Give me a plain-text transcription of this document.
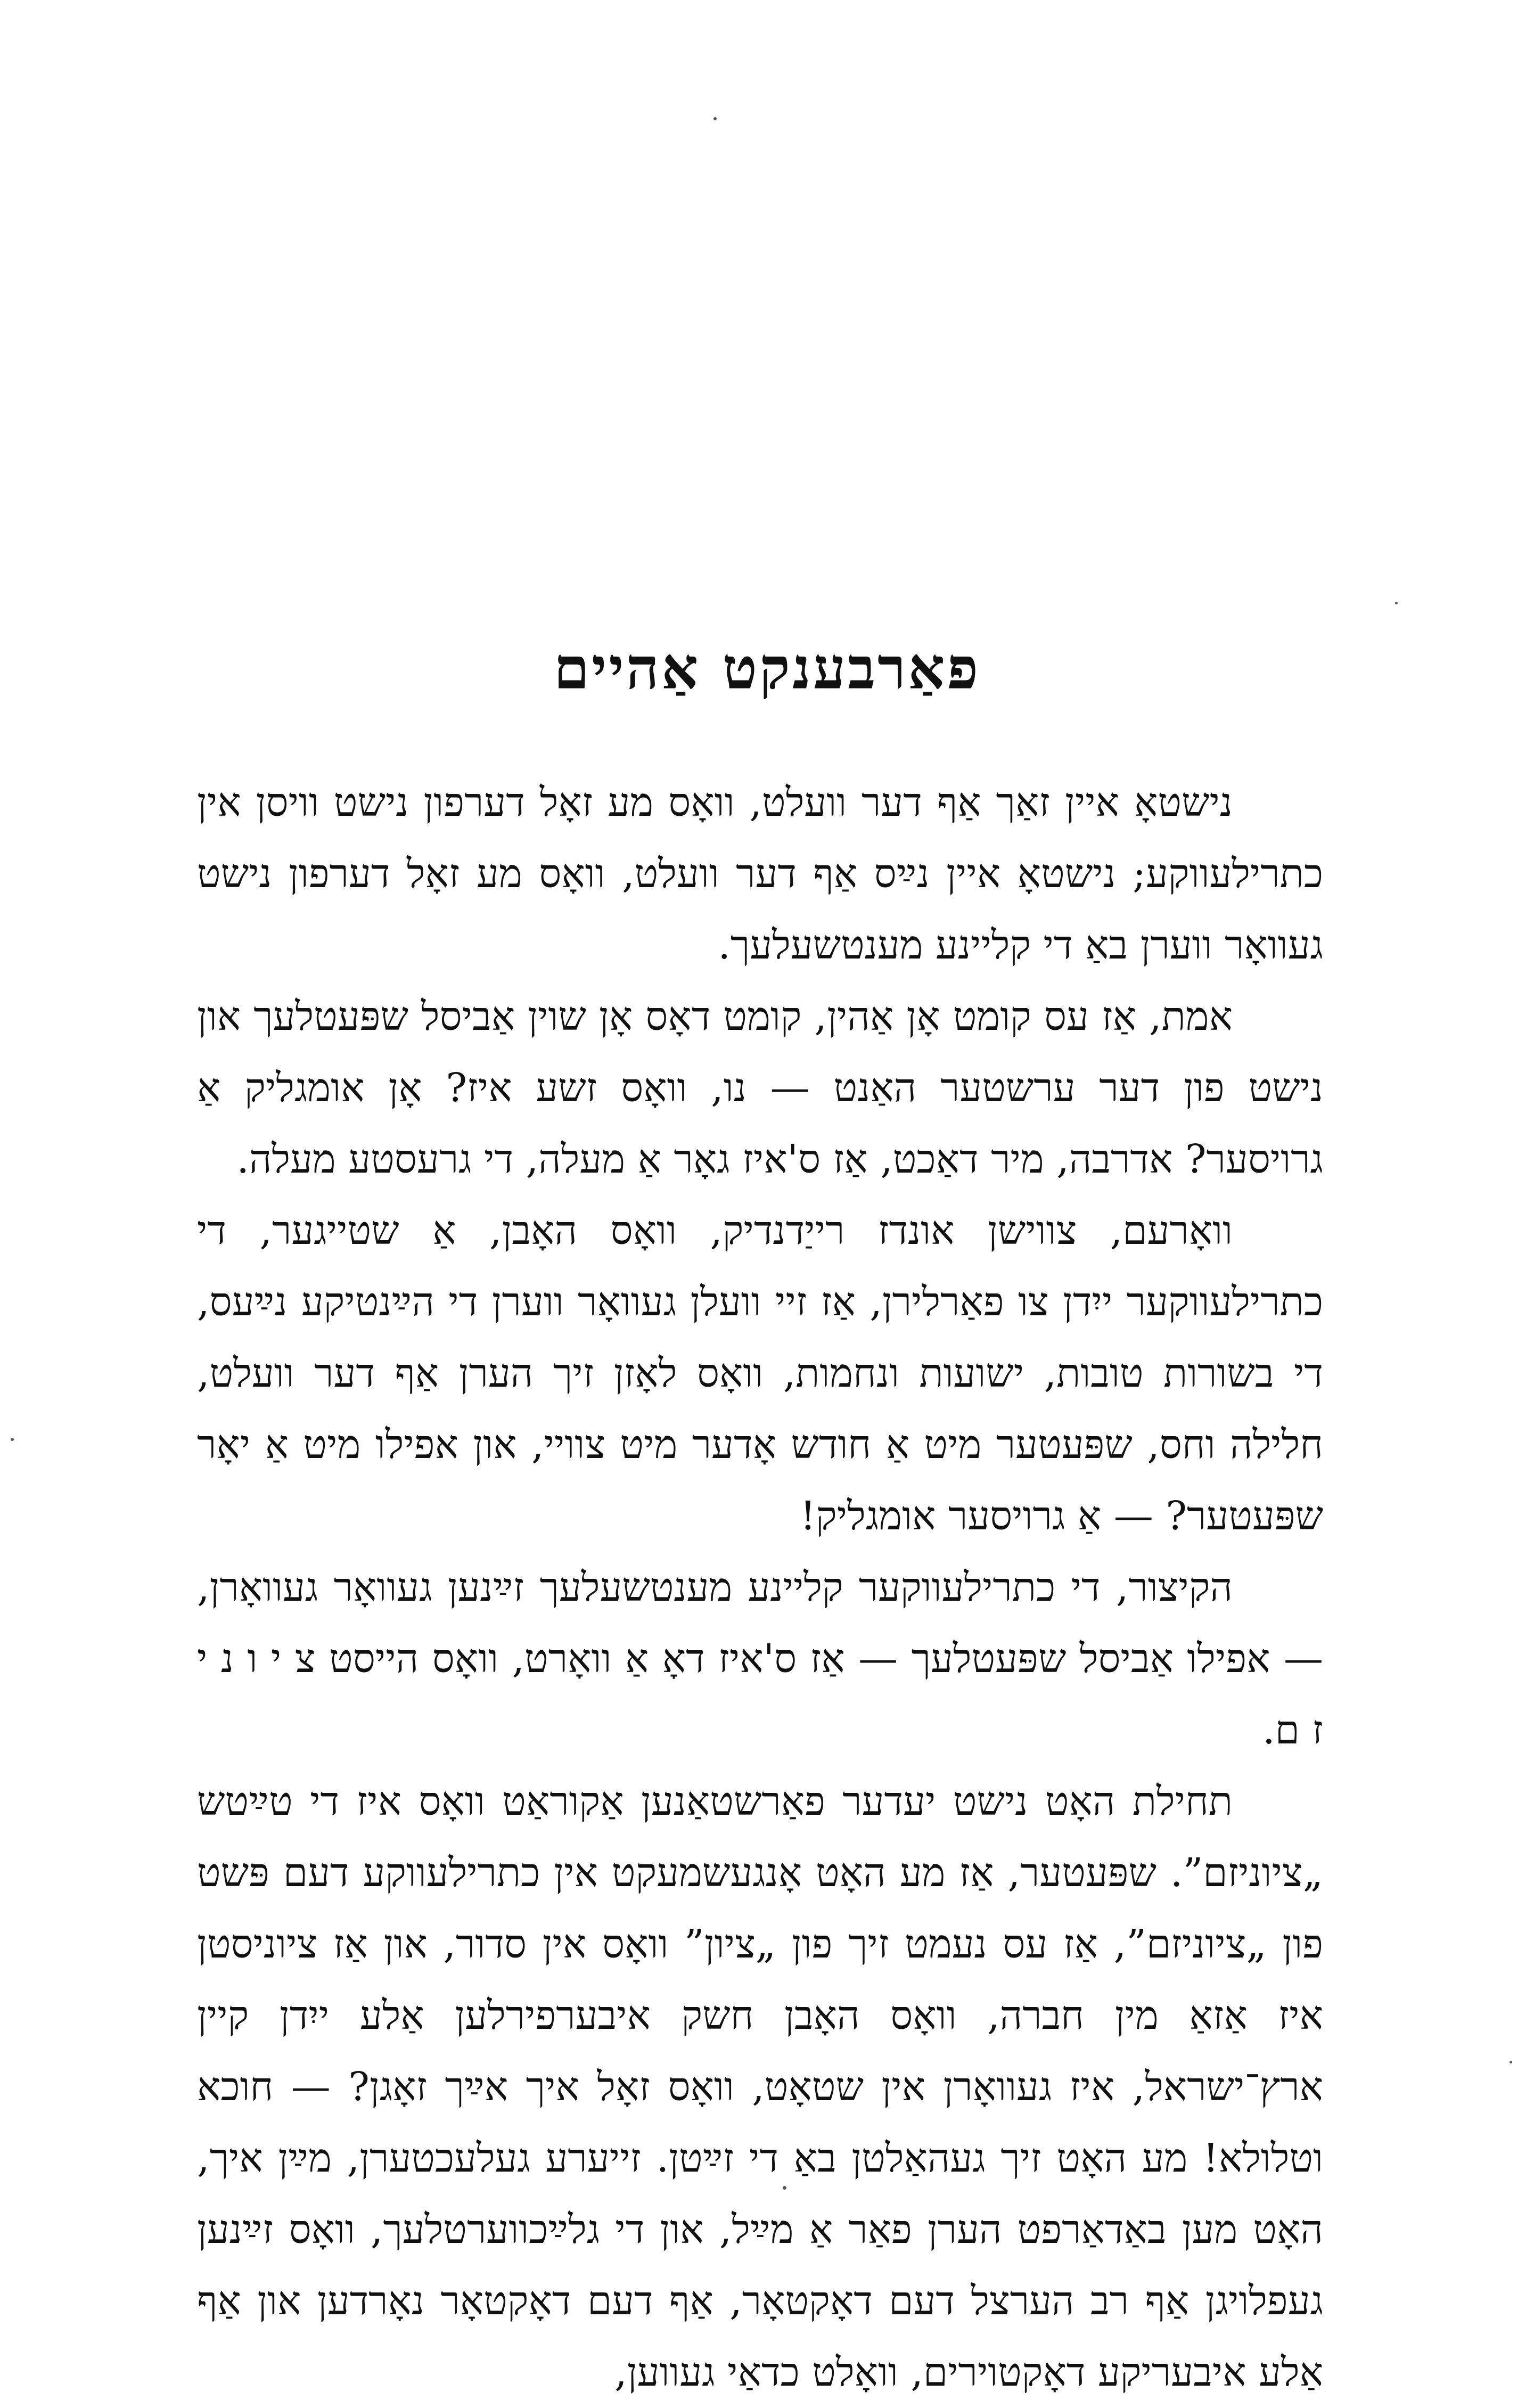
פאַרבענקט אַהיים

נישטאָ איין זאַך אַף דער וועלט, וואָס מע זאָל דערפון נישט וויסן אין כתרילעווקע; נישטאָ איין נײַס אַף דער וועלט, וואָס מע זאָל דערפון נישט געוואָר ווערן באַ די קליינע מענטשעלעך.

אמת, אַז עס קומט אָן אַהין, קומט דאָס אָן שוין אַביסל שפּעטלעך און נישט פון דער ערשטער האַנט — נו, וואָס זשע איז? אָן אומגליק אַ גרויסער? אדרבה, מיר דאַכט, אַז ס'איז גאָר אַ מעלה, די גרעסטע מעלה.

וואָרעם, צווישן אונדז רייַדנדיק, וואָס האָבן, אַ שטייגער, די כתרילעווקער ייִדן צו פאַרלירן, אַז זיי וועלן געוואָר ווערן די הײַנטיקע נײַעס, די בשורות טובות, ישועות ונחמות, וואָס לאָזן זיך הערן אַף דער וועלט, חלילה וחס, שפּעטער מיט אַ חודש אָדער מיט צוויי, און אפילו מיט אַ יאָר שפּעטער? — אַ גרויסער אומגליק!

הקיצור, די כתרילעווקער קליינע מענטשעלעך זײַנען געוואָר געוואָרן, — אפילו אַביסל שפּעטלעך — אַז ס'איז דאָ אַ וואָרט, וואָס הייסט צ י ו נ י ז ם.

תחילת האָט נישט יעדער פאַרשטאַנען אַקוראַט וואָס איז די טײַטש „ציוניזם”. שפּעטער, אַז מע האָט אָנגעשמעקט אין כתרילעווקע דעם פּשט פון „ציוניזם”, אַז עס נעמט זיך פון „ציון” וואָס אין סדור, און אַז ציוניסטן איז אַזאַ מין חברה, וואָס האָבן חשק איבערפירלען אַלע ייִדן קיין ארץ־ישראל, איז געוואָרן אין שטאָט, וואָס זאָל איך אײַך זאָגן? — חוכא וטלולא! מע האָט זיך געהאַלטן באַ די זײַטן. זייערע געלעכטערן, מײַן איך, האָט מען באַדאַרפט הערן פאַר אַ מײַל, און די גלײַכווערטלעך, וואָס זײַנען געפלויגן אַף רב הערצל דעם דאָקטאָר, אַף דעם דאָקטאָר נאָרדען און אַף אַלע איבעריקע דאָקטוירים, וואָלט כדאַי געווען,
